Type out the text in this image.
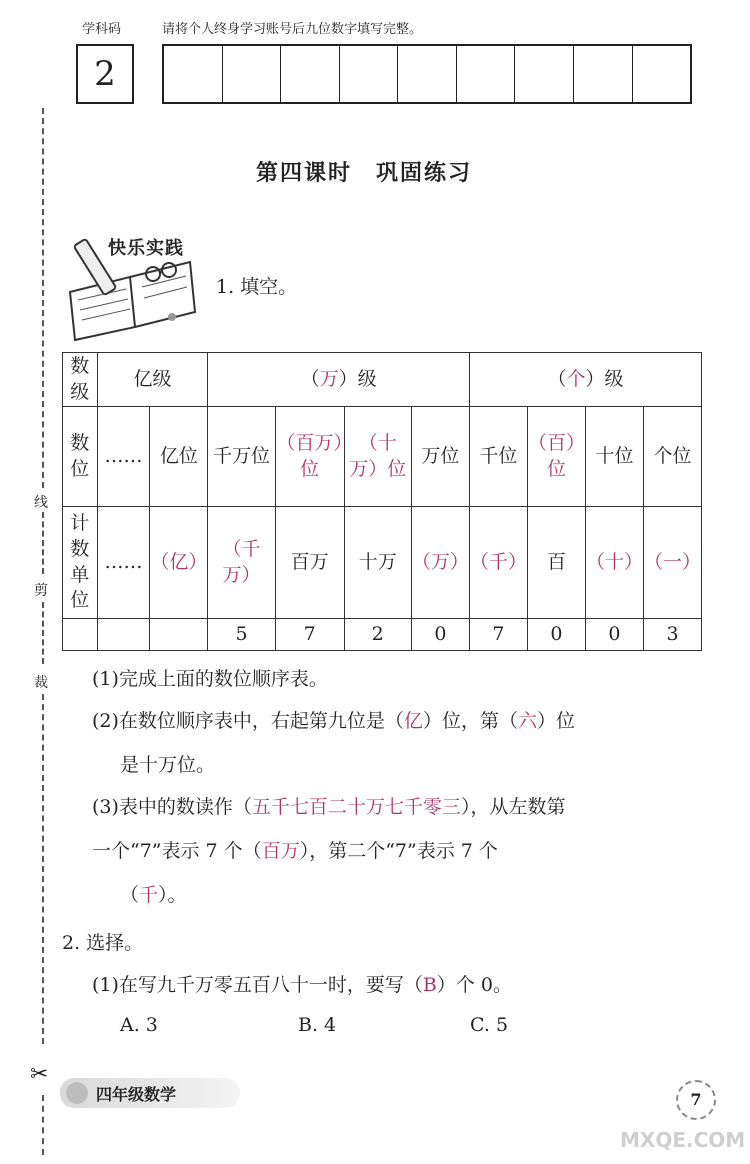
学科码	请将个人终身学习账号后九位数字填写完整。
2
线
剪
裁
✂
第四课时　巩固练习
快乐实践
1. 填空。
数级	亿级		（万）级				（个）级			
数位	……	亿位	千万位	（百万）位	（十万）位	万位	千位	（百）位	十位	个位
计数单位	……	（亿）	（千万）	百万	十万	（万）	（千）	百	（十）	（一）
			5	7	2	0	7	0	0	3
(1)完成上面的数位顺序表。
(2)在数位顺序表中，右起第九位是（亿）位，第（六）位
是十万位。
(3)表中的数读作（五千七百二十万七千零三），从左数第
一个“7”表示 7 个（百万），第二个“7”表示 7 个
（千）。
2. 选择。
(1)在写九千万零五百八十一时，要写（B）个 0。
A. 3	B. 4	C. 5
四年级数学	7
MXQE.COM
